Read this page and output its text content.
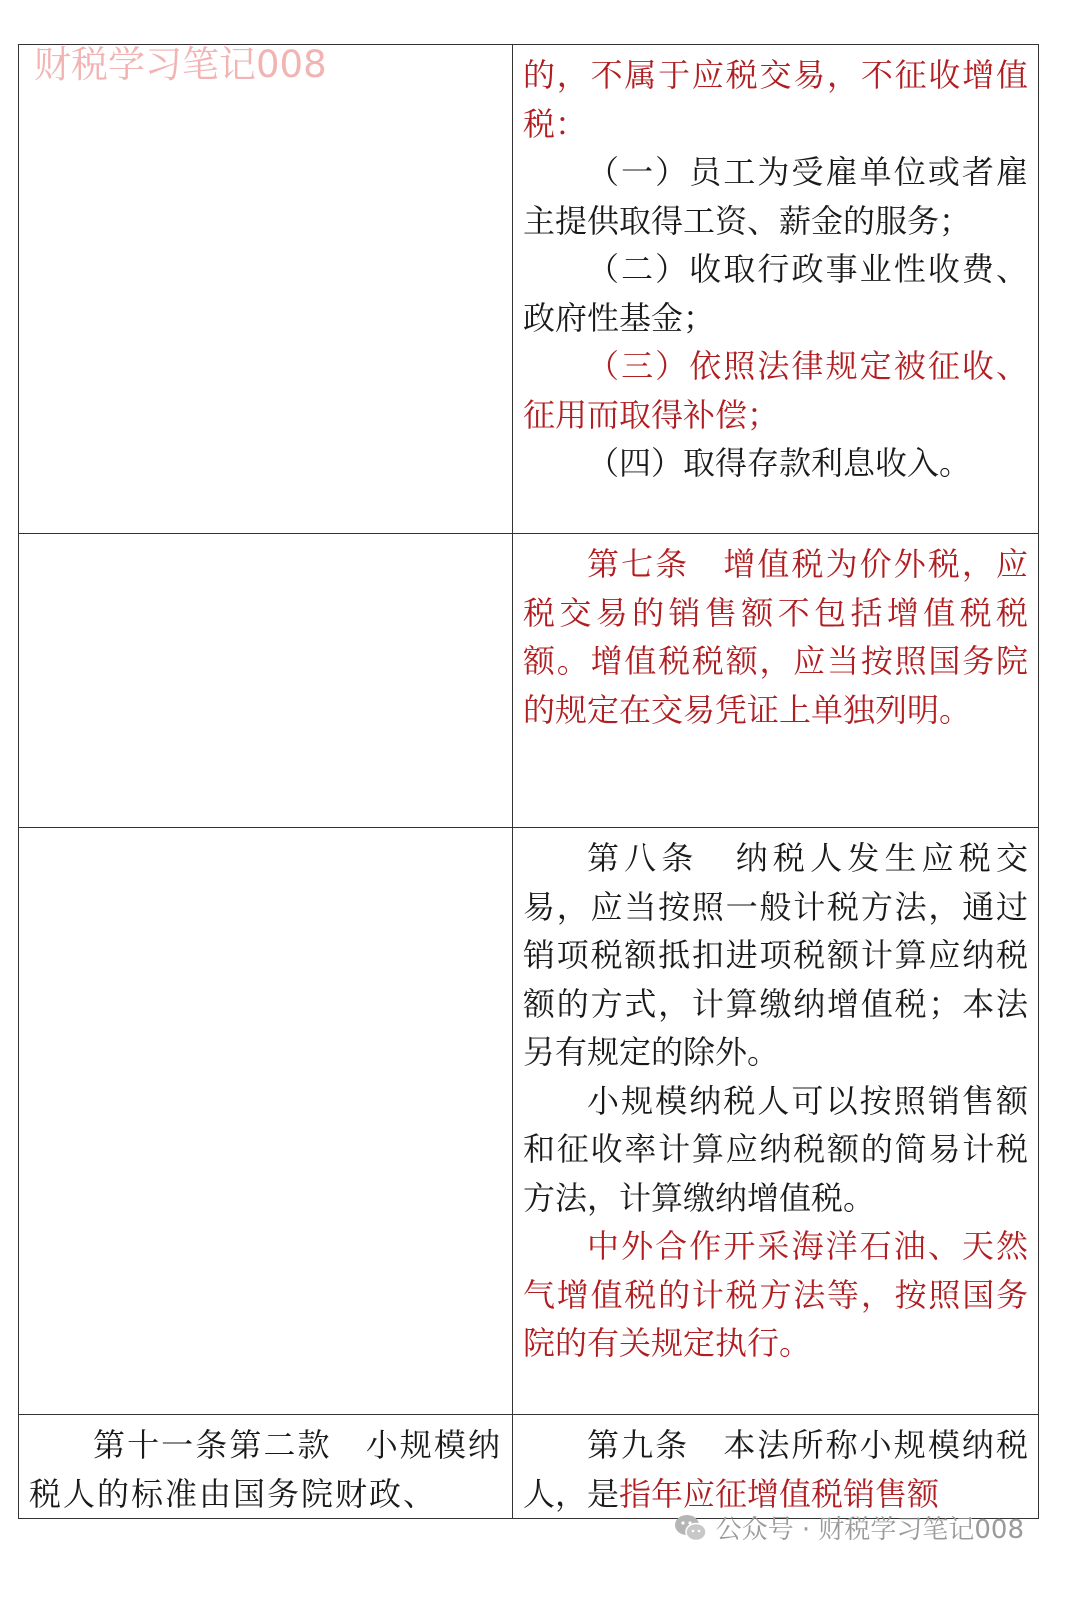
财税学习笔记008

	的，不属于应税交易，不征收增值税：
（一）员工为受雇单位或者雇主提供取得工资、薪金的服务；
（二）收取行政事业性收费、政府性基金；
（三）依照法律规定被征收、征用而取得补偿；
（四）取得存款利息收入。

	第七条　增值税为价外税，应税交易的销售额不包括增值税税额。增值税税额，应当按照国务院的规定在交易凭证上单独列明。

	第八条　纳税人发生应税交易，应当按照一般计税方法，通过销项税额抵扣进项税额计算应纳税额的方式，计算缴纳增值税；本法另有规定的除外。
小规模纳税人可以按照销售额和征收率计算应纳税额的简易计税方法，计算缴纳增值税。
中外合作开采海洋石油、天然气增值税的计税方法等，按照国务院的有关规定执行。

第十一条第二款　小规模纳税人的标准由国务院财政、	第九条　本法所称小规模纳税人，是指年应征增值税销售额
公众号 · 财税学习笔记008
